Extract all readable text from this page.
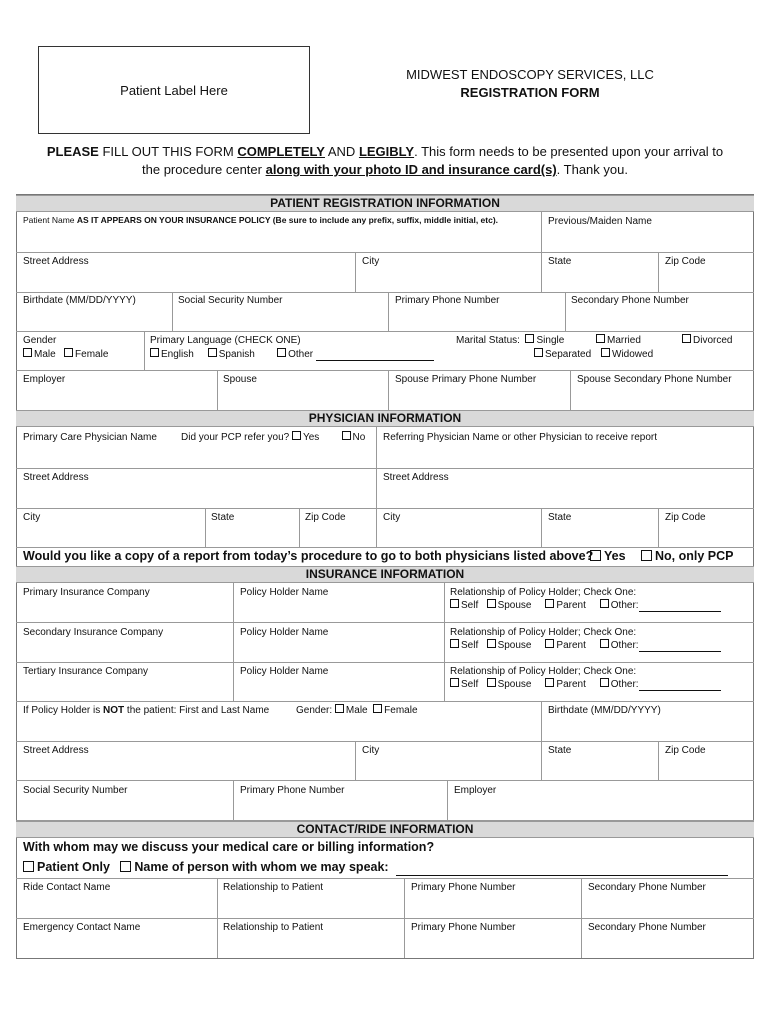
Patient Label Here
MIDWEST ENDOSCOPY SERVICES, LLC
REGISTRATION FORM
PLEASE FILL OUT THIS FORM COMPLETELY AND LEGIBLY. This form needs to be presented upon your arrival to
the procedure center along with your photo ID and insurance card(s). Thank you.
PATIENT REGISTRATION INFORMATION
Patient Name AS IT APPEARS ON YOUR INSURANCE POLICY (Be sure to include any prefix, suffix, middle initial, etc).	Previous/Maiden Name
Street Address	City	State	Zip Code
Birthdate (MM/DD/YYYY)	Social Security Number	Primary Phone Number	Secondary Phone Number
Gender
Male Female
Primary Language (CHECK ONE)
English Spanish	Other
Marital Status: Single	Married	Divorced
Separated	Widowed
Employer	Spouse	Spouse Primary Phone Number	Spouse Secondary Phone Number
PHYSICIAN INFORMATION
Primary Care Physician Name Did your PCP refer you? Yes	No Referring Physician Name or other Physician to receive report
Street Address	Street Address
City	State	Zip Code	City	State	Zip Code
Would you like a copy of a report from today’s procedure to go to both physicians listed above? Yes	No, only PCP
INSURANCE INFORMATION
Primary Insurance Company	Policy Holder Name	Relationship of Policy Holder; Check One:
Self Spouse Parent Other:
Secondary Insurance Company	Policy Holder Name	Relationship of Policy Holder; Check One:
Self Spouse Parent Other:
Tertiary Insurance Company	Policy Holder Name	Relationship of Policy Holder; Check One:
Self Spouse Parent Other:
If Policy Holder is NOT the patient: First and Last Name	Gender: Male Female	Birthdate (MM/DD/YYYY)
Street Address	City	State	Zip Code
Social Security Number	Primary Phone Number	Employer
CONTACT/RIDE INFORMATION
With whom may we discuss your medical care or billing information?
Patient Only Name of person with whom we may speak:
Ride Contact Name	Relationship to Patient	Primary Phone Number	Secondary Phone Number
Emergency Contact Name	Relationship to Patient	Primary Phone Number	Secondary Phone Number
